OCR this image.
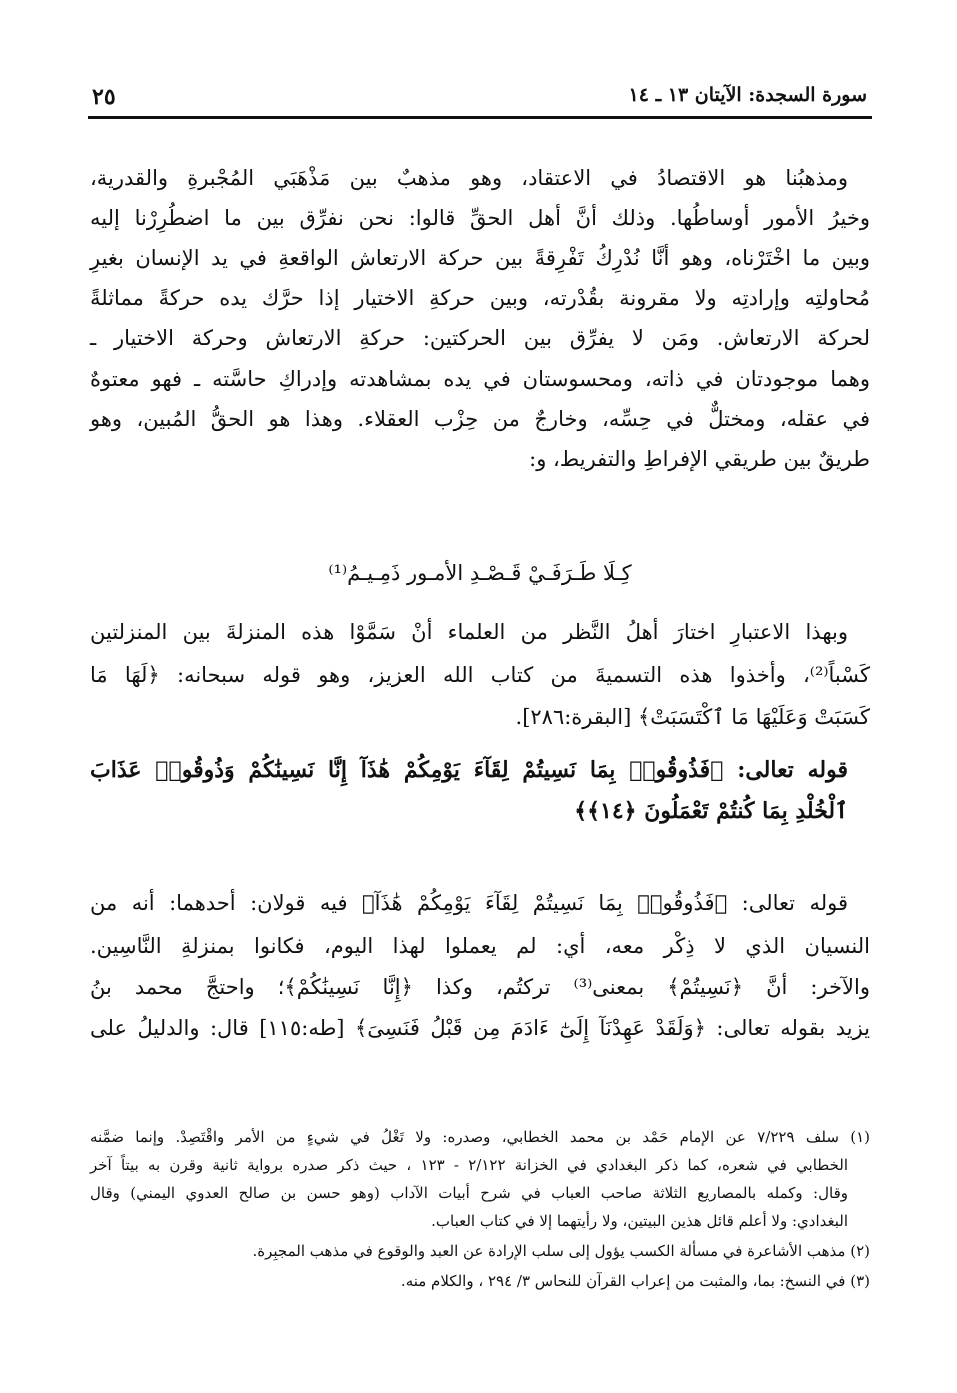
سورة السجدة: الآيتان ١٣ ـ ١٤
٢٥
ومذهبُنا هو الاقتصادُ في الاعتقاد، وهو مذهبٌ بين مَذْهَبَي المُجْبرةِ والقدرية،
وخيرُ الأمور أوساطُها. وذلك أنَّ أهل الحقِّ قالوا: نحن نفرِّق بين ما اضطُرِرْنا إليه
وبين ما اخْتَرْناه، وهو أنَّا نُدْرِكُ تَفْرِقةً بين حركة الارتعاش الواقعةِ في يد الإنسان بغيرِ
مُحاولتِه وإرادتِه ولا مقرونة بقُدْرته، وبين حركةِ الاختيار إذا حرَّك يده حركةً مماثلةً
لحركة الارتعاش. ومَن لا يفرِّق بين الحركتين: حركةِ الارتعاش وحركة الاختيار ـ
وهما موجودتان في ذاته، ومحسوستان في يده بمشاهدته وإدراكِ حاسَّته ـ فهو معتوهٌ
في عقله، ومختلٌّ في حِسِّه، وخارجٌ من حِزْب العقلاء. وهذا هو الحقُّ المُبين، وهو
طريقٌ بين طريقي الإفراطِ والتفريط، و:
كِـلَا طَـرَفَـيْ قَـصْـدِ الأمـور ذَمِـيـمُ⁽¹⁾
وبهذا الاعتبارِ اختارَ أهلُ النَّظر من العلماء أنْ سَمَّوْا هذه المنزلةَ بين المنزلتين
كَسْباً⁽²⁾، وأخذوا هذه التسميةَ من كتاب الله العزيز، وهو قوله سبحانه: ﴿لَهَا مَا
كَسَبَتْ وَعَلَيْهَا مَا ٱكْتَسَبَتْ﴾ [البقرة:٢٨٦].
قوله تعالى: ﴿فَذُوقُوا۟ بِمَا نَسِيتُمْ لِقَآءَ يَوْمِكُمْ هَٰذَآ إِنَّا نَسِينَٰكُمْ وَذُوقُوا۟ عَذَابَ
ٱلْخُلْدِ بِمَا كُنتُمْ تَعْمَلُونَ ﴿١٤﴾﴾
قوله تعالى: ﴿فَذُوقُوا۟ بِمَا نَسِيتُمْ لِقَآءَ يَوْمِكُمْ هَٰذَآ﴾ فيه قولان: أحدهما: أنه من
النسيان الذي لا ذِكْر معه، أي: لم يعملوا لهذا اليوم، فكانوا بمنزلةِ النَّاسِين.
والآخر: أنَّ ﴿نَسِيتُمْ﴾ بمعنى⁽³⁾ تركتُم، وكذا ﴿إِنَّا نَسِينَٰكُمْ﴾؛ واحتجَّ محمد بنُ
يزيد بقوله تعالى: ﴿وَلَقَدْ عَهِدْنَآ إِلَىٰٓ ءَادَمَ مِن قَبْلُ فَنَسِىَ﴾ [طه:١١٥] قال: والدليلُ على
(١) سلف ٧/٢٢٩ عن الإمام حَمْد بن محمد الخطابي، وصدره: ولا تَغْلُ في شيءٍ من الأمر واقْتَصِدْ. وإنما ضمَّنه
الخطابي في شعره، كما ذكر البغدادي في الخزانة ٢/١٢٢ - ١٢٣ ، حيث ذكر صدره برواية ثانية وقرن به بيتاً آخر
وقال: وكمله بالمصاريع الثلاثة صاحب العباب في شرح أبيات الآداب (وهو حسن بن صالح العدوي اليمني) وقال
البغدادي: ولا أعلم قائل هذين البيتين، ولا رأيتهما إلا في كتاب العباب.
(٢) مذهب الأشاعرة في مسألة الكسب يؤول إلى سلب الإرادة عن العبد والوقوع في مذهب المجبِرة.
(٣) في النسخ: بما، والمثبت من إعراب القرآن للنحاس ٣/ ٢٩٤ ، والكلام منه.
